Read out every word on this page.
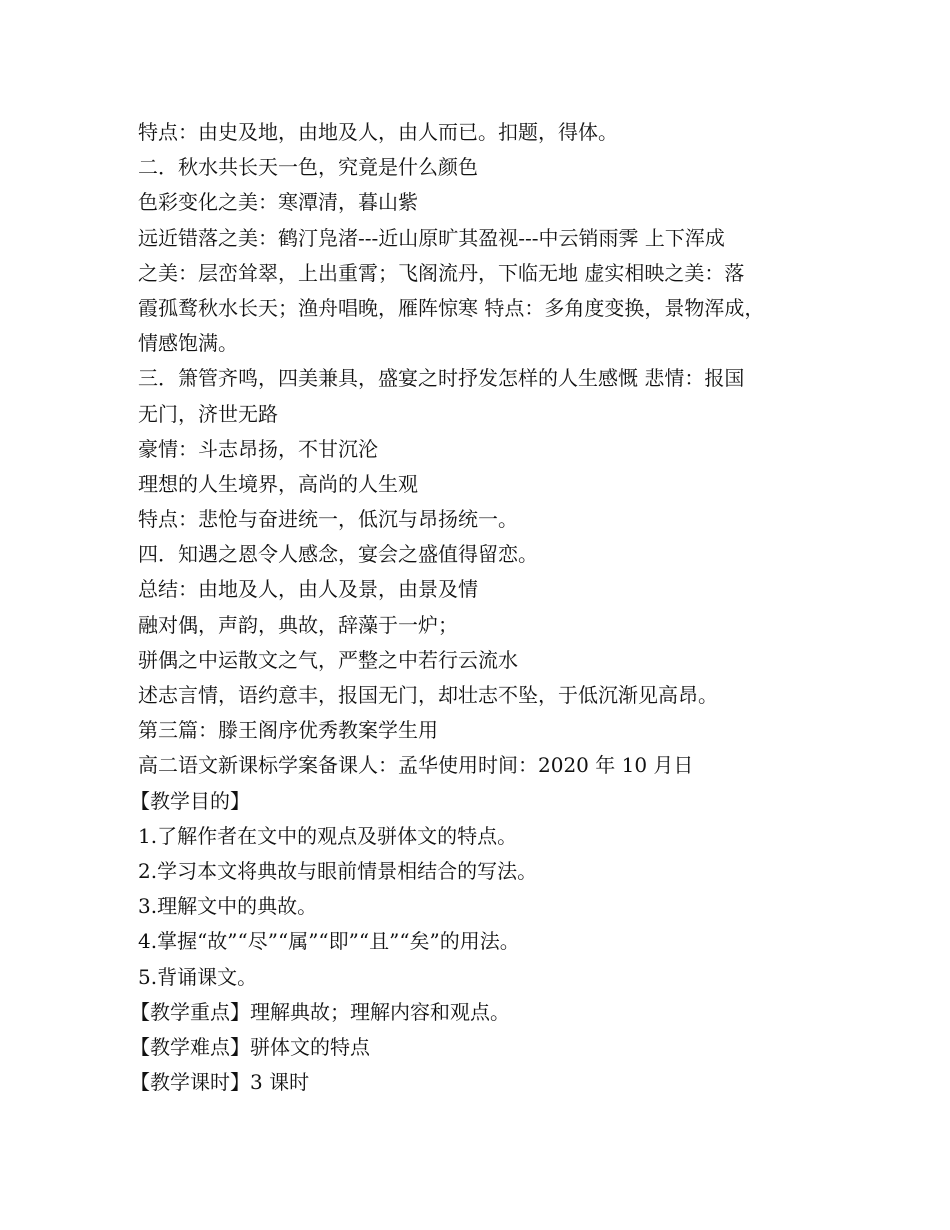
特点：由史及地，由地及人，由人而已。扣题，得体。
二．秋水共长天一色，究竟是什么颜色
色彩变化之美：寒潭清，暮山紫
远近错落之美：鹤汀凫渚---近山原旷其盈视---中云销雨霁 上下浑成
之美：层峦耸翠，上出重霄；飞阁流丹，下临无地 虚实相映之美：落
霞孤鹜秋水长天；渔舟唱晚，雁阵惊寒 特点：多角度变换，景物浑成，
情感饱满。
三．箫管齐鸣，四美兼具，盛宴之时抒发怎样的人生感慨 悲情：报国
无门，济世无路
豪情：斗志昂扬，不甘沉沦
理想的人生境界，高尚的人生观
特点：悲怆与奋进统一，低沉与昂扬统一。
四．知遇之恩令人感念，宴会之盛值得留恋。
总结：由地及人，由人及景，由景及情
融对偶，声韵，典故，辞藻于一炉；
骈偶之中运散文之气，严整之中若行云流水
述志言情，语约意丰，报国无门，却壮志不坠，于低沉渐见高昂。
第三篇：滕王阁序优秀教案学生用
高二语文新课标学案备课人：孟华使用时间：2020 年 10 月日
【教学目的】
1.了解作者在文中的观点及骈体文的特点。
2.学习本文将典故与眼前情景相结合的写法。
3.理解文中的典故。
4.掌握“故”“尽”“属”“即”“且”“矣”的用法。
5.背诵课文。
【教学重点】理解典故；理解内容和观点。
【教学难点】骈体文的特点
【教学课时】3 课时
